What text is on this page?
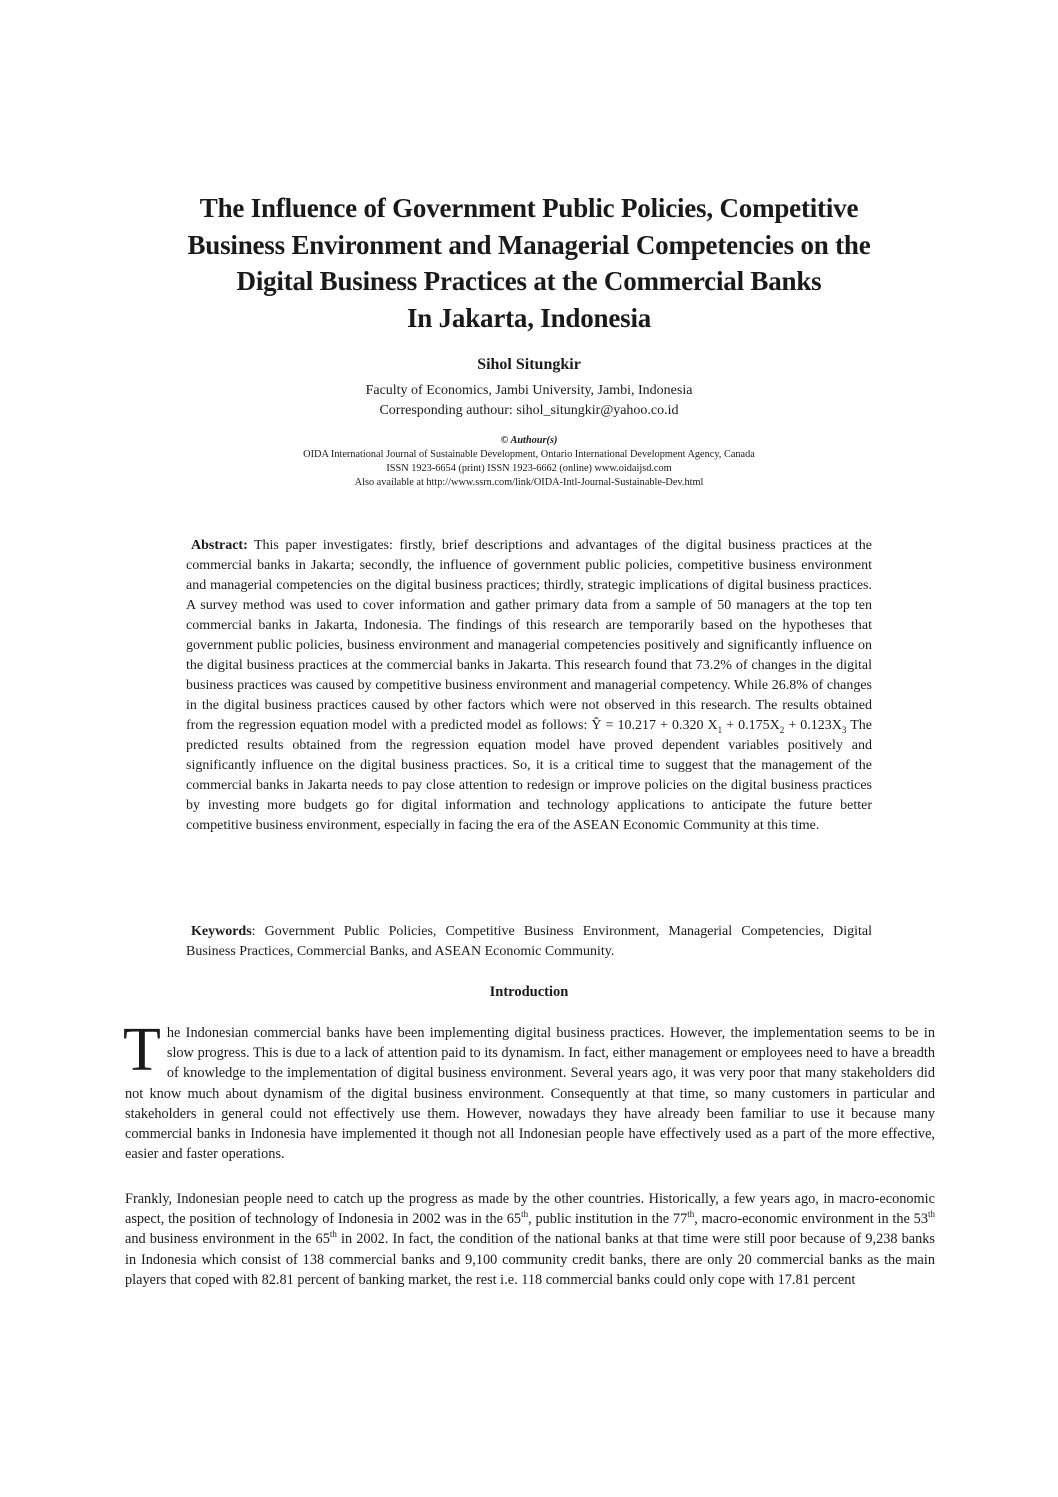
The Influence of Government Public Policies, Competitive
Business Environment and Managerial Competencies on the
Digital Business Practices at the Commercial Banks
In Jakarta, Indonesia
Sihol Situngkir
Faculty of Economics, Jambi University, Jambi, Indonesia
Corresponding authour: sihol_situngkir@yahoo.co.id
© Authour(s)
OIDA International Journal of Sustainable Development, Ontario International Development Agency, Canada
ISSN 1923-6654 (print) ISSN 1923-6662 (online) www.oidaijsd.com
Also available at http://www.ssrn.com/link/OIDA-Intl-Journal-Sustainable-Dev.html
Abstract: This paper investigates: firstly, brief descriptions and advantages of the digital business practices at the commercial banks in Jakarta; secondly, the influence of government public policies, competitive business environment and managerial competencies on the digital business practices; thirdly, strategic implications of digital business practices. A survey method was used to cover information and gather primary data from a sample of 50 managers at the top ten commercial banks in Jakarta, Indonesia. The findings of this research are temporarily based on the hypotheses that government public policies, business environment and managerial competencies positively and significantly influence on the digital business practices at the commercial banks in Jakarta. This research found that 73.2% of changes in the digital business practices was caused by competitive business environment and managerial competency. While 26.8% of changes in the digital business practices caused by other factors which were not observed in this research. The results obtained from the regression equation model with a predicted model as follows: Ŷ = 10.217 + 0.320 $X_1 + 0.175X_2 + 0.123X_3$ The predicted results obtained from the regression equation model have proved dependent variables positively and significantly influence on the digital business practices. So, it is a critical time to suggest that the management of the commercial banks in Jakarta needs to pay close attention to redesign or improve policies on the digital business practices by investing more budgets go for digital information and technology applications to anticipate the future better competitive business environment, especially in facing the era of the ASEAN Economic Community at this time.
Keywords: Government Public Policies, Competitive Business Environment, Managerial Competencies, Digital Business Practices, Commercial Banks, and ASEAN Economic Community.
Introduction
The Indonesian commercial banks have been implementing digital business practices. However, the implementation seems to be in slow progress. This is due to a lack of attention paid to its dynamism. In fact, either management or employees need to have a breadth of knowledge to the implementation of digital business environment. Several years ago, it was very poor that many stakeholders did not know much about dynamism of the digital business environment. Consequently at that time, so many customers in particular and stakeholders in general could not effectively use them. However, nowadays they have already been familiar to use it because many commercial banks in Indonesia have implemented it though not all Indonesian people have effectively used as a part of the more effective, easier and faster operations.
Frankly, Indonesian people need to catch up the progress as made by the other countries. Historically, a few years ago, in macro-economic aspect, the position of technology of Indonesia in 2002 was in the 65th, public institution in the 77th, macro-economic environment in the 53th and business environment in the 65th in 2002. In fact, the condition of the national banks at that time were still poor because of 9,238 banks in Indonesia which consist of 138 commercial banks and 9,100 community credit banks, there are only 20 commercial banks as the main players that coped with 82.81 percent of banking market, the rest i.e. 118 commercial banks could only cope with 17.81 percent
